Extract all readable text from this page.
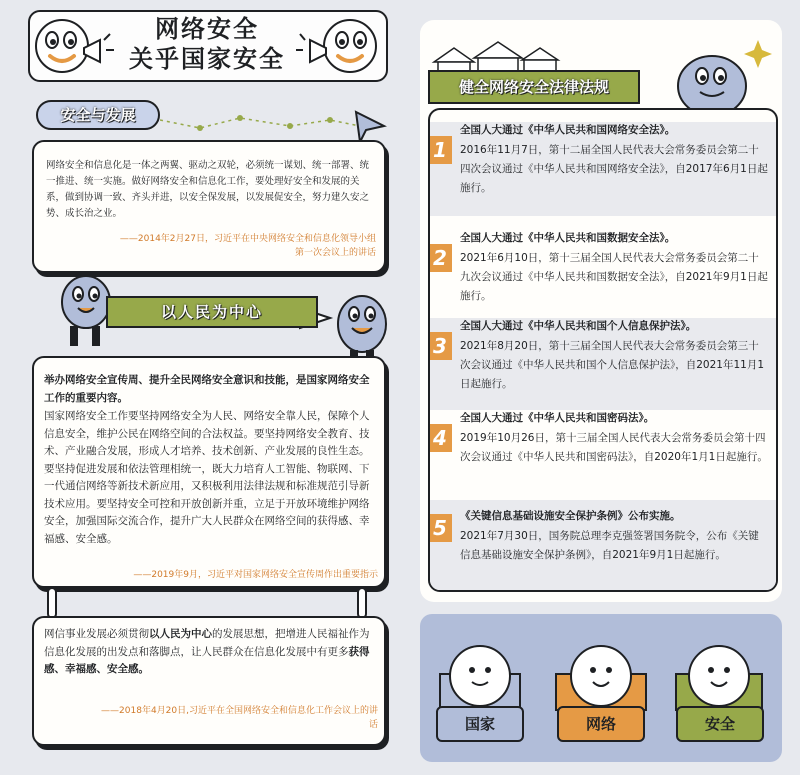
网络安全
关乎国家安全
安全与发展
网络安全和信息化是一体之两翼、驱动之双轮，必须统一谋划、统一部署、统一推进、统一实施。做好网络安全和信息化工作，要处理好安全和发展的关系，做到协调一致、齐头并进，以安全保发展，以发展促安全，努力建久安之势、成长治之业。
——2014年2月27日，习近平在中央网络安全和信息化领导小组第一次会议上的讲话
以人民为中心
举办网络安全宣传周、提升全民网络安全意识和技能，是国家网络安全工作的重要内容。
国家网络安全工作要坚持网络安全为人民、网络安全靠人民，保障个人信息安全，维护公民在网络空间的合法权益。要坚持网络安全教育、技术、产业融合发展，形成人才培养、技术创新、产业发展的良性生态。要坚持促进发展和依法管理相统一，既大力培育人工智能、物联网、下一代通信网络等新技术新应用，又积极利用法律法规和标准规范引导新技术应用。要坚持安全可控和开放创新并重，立足于开放环境维护网络安全，加强国际交流合作，提升广大人民群众在网络空间的获得感、幸福感、安全感。
——2019年9月，习近平对国家网络安全宣传周作出重要指示
网信事业发展必须贯彻以人民为中心的发展思想，把增进人民福祉作为信息化发展的出发点和落脚点，让人民群众在信息化发展中有更多获得感、幸福感、安全感。
——2018年4月20日,习近平在全国网络安全和信息化工作会议上的讲话
1
全国人大通过《中华人民共和国网络安全法》。
2016年11月7日，第十二届全国人民代表大会常务委员会第二十四次会议通过《中华人民共和国网络安全法》，自2017年6月1日起施行。
2
全国人大通过《中华人民共和国数据安全法》。
2021年6月10日，第十三届全国人民代表大会常务委员会第二十九次会议通过《中华人民共和国数据安全法》，自2021年9月1日起施行。
3
全国人大通过《中华人民共和国个人信息保护法》。
2021年8月20日，第十三届全国人民代表大会常务委员会第三十次会议通过《中华人民共和国个人信息保护法》，自2021年11月1日起施行。
4
全国人大通过《中华人民共和国密码法》。
2019年10月26日，第十三届全国人民代表大会常务委员会第十四次会议通过《中华人民共和国密码法》，自2020年1月1日起施行。
5	《关键信息基础设施安全保护条例》公布实施。
2021年7月30日，国务院总理李克强签署国务院令，公布《关键信息基础设施安全保护条例》，自2021年9月1日起施行。
健全网络安全法律法规
国家	网络	安全
